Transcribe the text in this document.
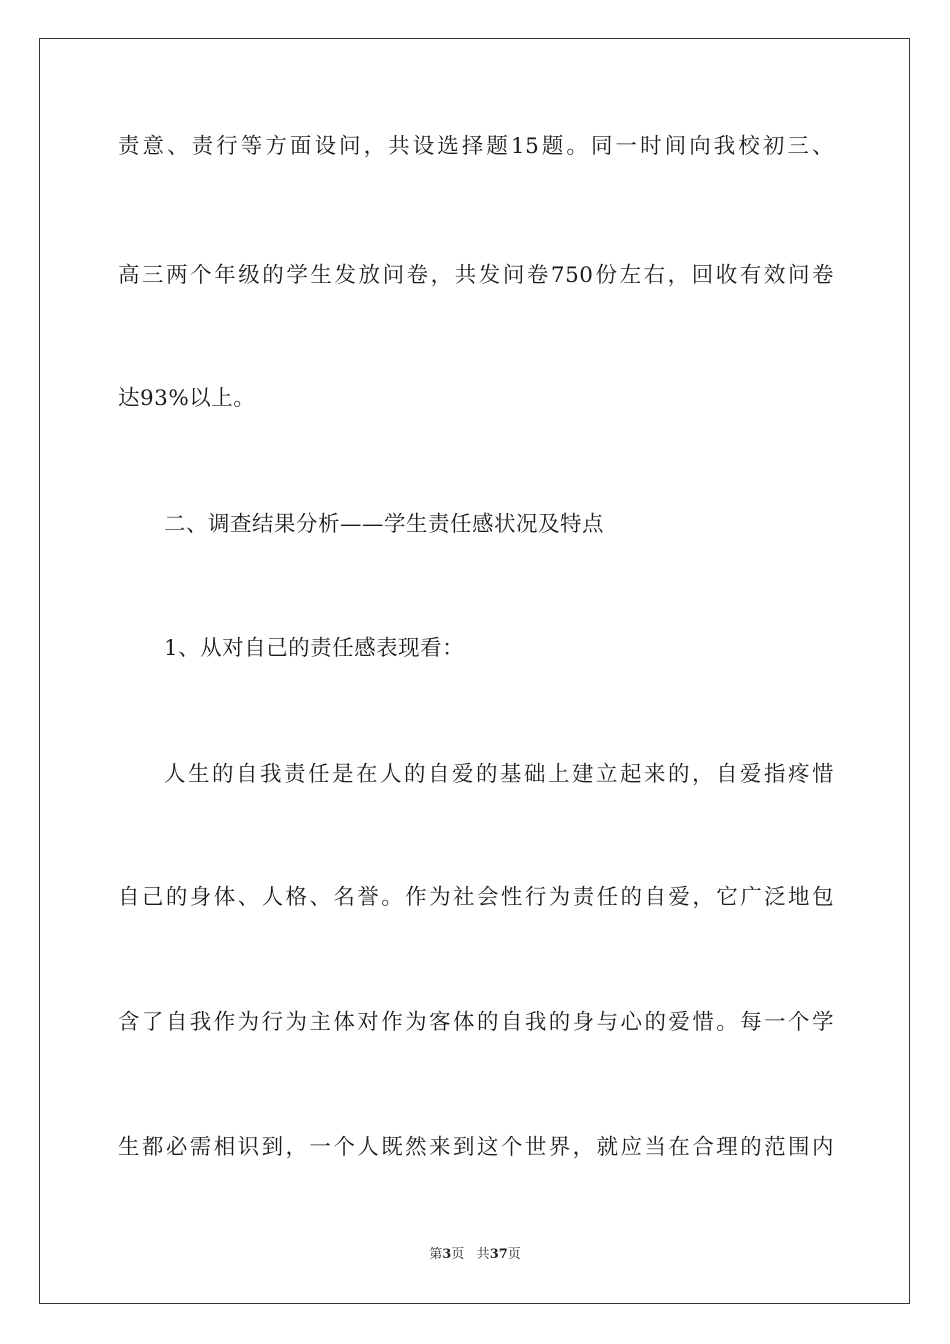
责意、责行等方面设问，共设选择题15题。同一时间向我校初三、
高三两个年级的学生发放问卷，共发问卷750份左右，回收有效问卷
达93%以上。
二、调查结果分析——学生责任感状况及特点
1、从对自己的责任感表现看：
人生的自我责任是在人的自爱的基础上建立起来的，自爱指疼惜
自己的身体、人格、名誉。作为社会性行为责任的自爱，它广泛地包
含了自我作为行为主体对作为客体的自我的身与心的爱惜。每一个学
生都必需相识到，一个人既然来到这个世界，就应当在合理的范围内
第3页 共37页
